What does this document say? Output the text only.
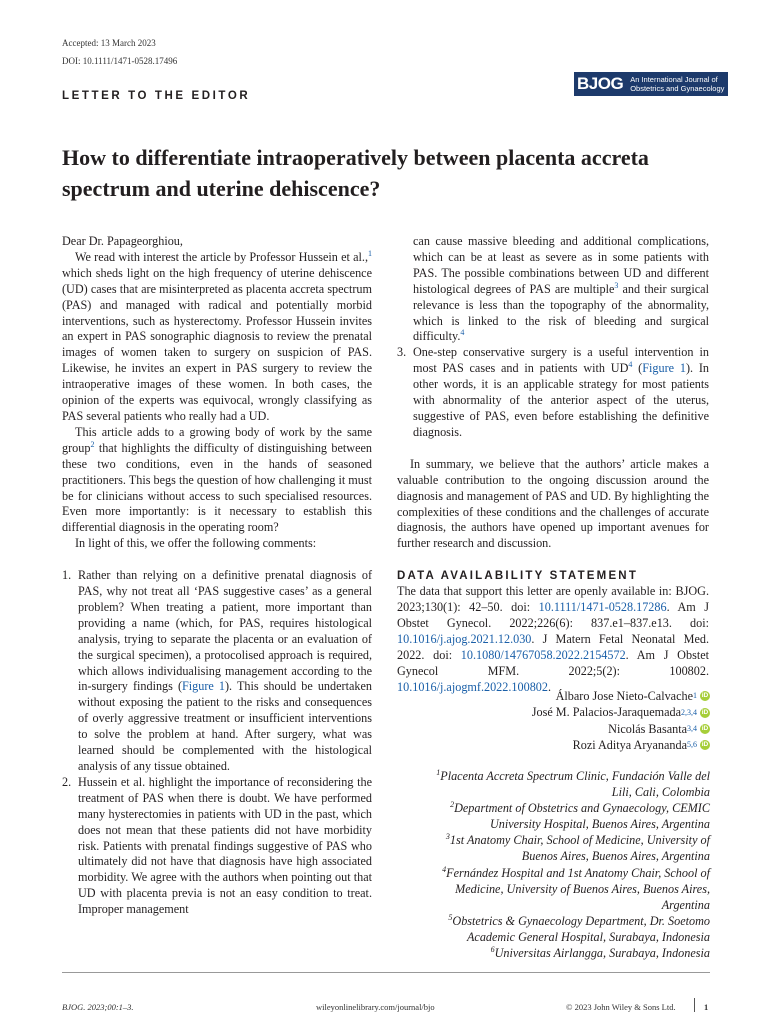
Accepted: 13 March 2023
DOI: 10.1111/1471-0528.17496
BJOG An International Journal of
Obstetrics and Gynaecology
LETTER TO THE EDITOR
How to differentiate intraoperatively between placenta accreta
spectrum and uterine dehiscence?

Dear Dr. Papageorghiou,

We read with interest the article by Professor Hussein et al.,$^1$ which sheds light on the high frequency of uterine dehiscence (UD) cases that are misinterpreted as placenta accreta spectrum (PAS) and managed with radical and potentially morbid interventions, such as hysterectomy. Professor Hussein invites an expert in PAS sonographic diagnosis to review the prenatal images of women taken to surgery on suspicion of PAS. Likewise, he invites an expert in PAS surgery to review the intraoperative images of these women. In both cases, the opinion of the experts was equivocal, wrongly classifying as PAS several patients who really had a UD.

This article adds to a growing body of work by the same group$^2$ that highlights the difficulty of distinguishing between these two conditions, even in the hands of seasoned practitioners. This begs the question of how challenging it must be for clinicians without access to such specialised resources. Even more importantly: is it necessary to establish this differential diagnosis in the operating room?

In light of this, we offer the following comments:

1. Rather than relying on a definitive prenatal diagnosis of PAS, why not treat all ‘PAS suggestive cases’ as a general problem? When treating a patient, more important than providing a name (which, for PAS, requires histological analysis, trying to separate the placenta or an evaluation of the surgical specimen), a protocolised approach is required, which allows individualising management according to the in-surgery findings (Figure 1). This should be undertaken without exposing the patient to the risks and consequences of overly aggressive treatment or insufficient interventions to solve the problem at hand. After surgery, what was learned should be complemented with the histological analysis of any tissue obtained.
2. Hussein et al. highlight the importance of reconsidering the treatment of PAS when there is doubt. We have performed many hysterectomies in patients with UD in the past, which does not mean that these patients did not have morbidity risk. Patients with prenatal findings suggestive of PAS who ultimately did not have that diagnosis have high associated morbidity. We agree with the authors when pointing out that UD with placenta previa is not an easy condition to treat. Improper management

can cause massive bleeding and additional complications, which can be at least as severe as in some patients with PAS. The possible combinations between UD and different histological degrees of PAS are multiple$^3$ and their surgical relevance is less than the topography of the abnormality, which is linked to the risk of bleeding and surgical difficulty.$^4$

3. One-step conservative surgery is a useful intervention in most PAS cases and in patients with $UD^4$ (Figure 1). In other words, it is an applicable strategy for most patients with abnormality of the anterior aspect of the uterus, suggestive of PAS, even before establishing the definitive diagnosis.

In summary, we believe that the authors’ article makes a valuable contribution to the ongoing discussion around the diagnosis and management of PAS and UD. By highlighting the complexities of these conditions and the challenges of accurate diagnosis, the authors have opened up important avenues for further research and discussion.

DATA AVAILABILITY STATEMENT

The data that support this letter are openly available in: BJOG. 2023;130(1): 42–50. doi: 10.1111/1471-0528.17286. Am J Obstet Gynecol. 2022;226(6): 837.e1–837.e13. doi: 10.1016/j.ajog.2021.12.030. J Matern Fetal Neonatal Med. 2022. doi: 10.1080/14767058.2022.2154572. Am J Obstet Gynecol MFM. 2022;5(2): 100802. 10.1016/j.ajogmf.2022.100802.

Álbaro Jose Nieto-Calvache 1 iD
José M. Palacios-Jaraquemada 2,3,4 iD
Nicolás Basanta 3,4 iD
Rozi Aditya Aryananda 5,6 iD

$^1$Placenta Accreta Spectrum Clinic, Fundación Valle del Lili, Cali, Colombia

$^2$Department of Obstetrics and Gynaecology, CEMIC University Hospital, Buenos Aires, Argentina

$^3$1st Anatomy Chair, School of Medicine, University of Buenos Aires, Buenos Aires, Argentina

$^4$Fernández Hospital and 1st Anatomy Chair, School of Medicine, University of Buenos Aires, Buenos Aires, Argentina

$^5$Obstetrics & Gynaecology Department, Dr. Soetomo Academic General Hospital, Surabaya, Indonesia

$^6$Universitas Airlangga, Surabaya, Indonesia

BJOG. 2023;00:1–3.	wileyonlinelibrary.com/journal/bjo	© 2023 John Wiley & Sons Ltd.	1
